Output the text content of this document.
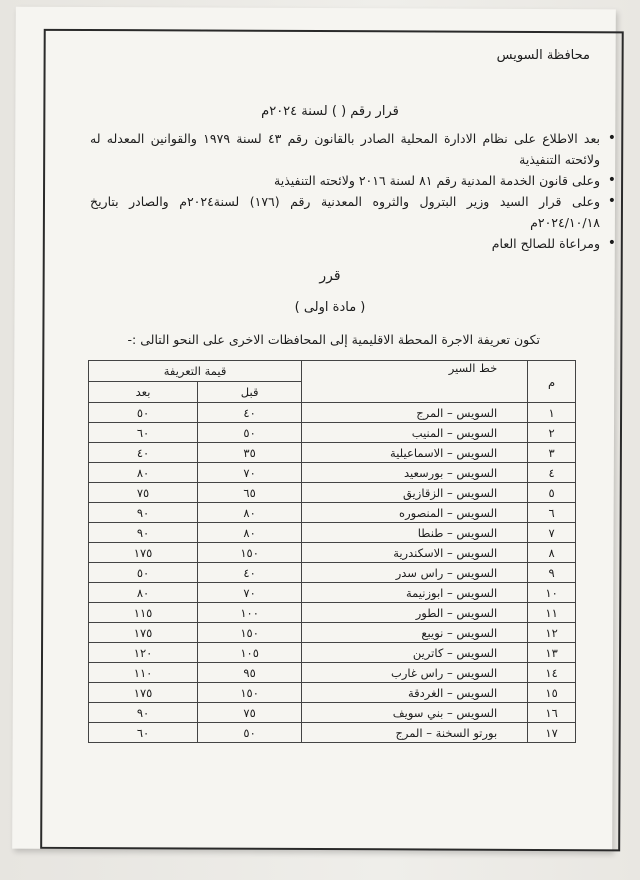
محافظة السويس
قرار رقم ( ) لسنة ٢٠٢٤م
• بعد الاطلاع على نظام الادارة المحلية الصادر بالقانون رقم ٤٣ لسنة ١٩٧٩ والقوانين المعدله له ولائحته التنفيذية
• وعلى قانون الخدمة المدنية رقم ٨١ لسنة ٢٠١٦ ولائحته التنفيذية
• وعلى قرار السيد وزير البترول والثروه المعدنية رقم (١٧٦) لسنة٢٠٢٤م والصادر بتاريخ ٢٠٢٤/١٠/١٨م
• ومراعاة للصالح العام
قرر
( مادة اولى )
تكون تعريفة الاجرة المحطة الاقليمية إلى المحافظات الاخرى على النحو التالى :-
م	خط السير	قيمة التعريفة	
		قبل	بعد
١	السويس – المرج	٤٠	٥٠
٢	السويس – المنيب	٥٠	٦٠
٣	السويس – الاسماعيلية	٣٥	٤٠
٤	السويس – بورسعيد	٧٠	٨٠
٥	السويس – الزقازيق	٦٥	٧٥
٦	السويس – المنصوره	٨٠	٩٠
٧	السويس – طنطا	٨٠	٩٠
٨	السويس – الاسكندرية	١٥٠	١٧٥
٩	السويس – راس سدر	٤٠	٥٠
١٠	السويس – ابوزنيمة	٧٠	٨٠
١١	السويس – الطور	١٠٠	١١٥
١٢	السويس – نويبع	١٥٠	١٧٥
١٣	السويس – كاترين	١٠٥	١٢٠
١٤	السويس – راس غارب	٩٥	١١٠
١٥	السويس – الغردقة	١٥٠	١٧٥
١٦	السويس – بني سويف	٧٥	٩٠
١٧	بورتو السخنة – المرج	٥٠	٦٠
